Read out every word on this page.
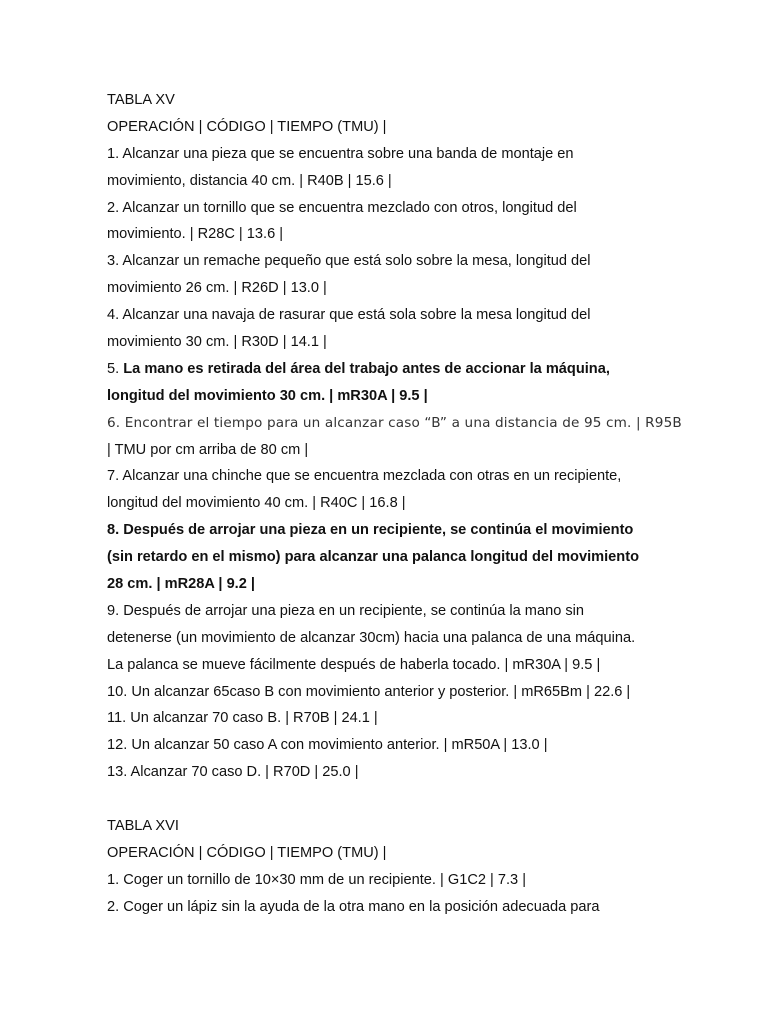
TABLA XV
OPERACIÓN | CÓDIGO | TIEMPO (TMU) |
1. Alcanzar una pieza que se encuentra sobre una banda de montaje en
movimiento, distancia 40 cm. | R40B | 15.6 |
2. Alcanzar un tornillo que se encuentra mezclado con otros, longitud del
movimiento. | R28C | 13.6 |
3. Alcanzar un remache pequeño que está solo sobre la mesa, longitud del
movimiento 26 cm. | R26D | 13.0 |
4. Alcanzar una navaja de rasurar que está sola sobre la mesa longitud del
movimiento 30 cm. | R30D | 14.1 |
5. La mano es retirada del área del trabajo antes de accionar la máquina,
longitud del movimiento 30 cm. | mR30A | 9.5 |
6. Encontrar el tiempo para un alcanzar caso “B” a una distancia de 95 cm. | R95B
| TMU por cm arriba de 80 cm |
7. Alcanzar una chinche que se encuentra mezclada con otras en un recipiente,
longitud del movimiento 40 cm. | R40C | 16.8 |
8. Después de arrojar una pieza en un recipiente, se continúa el movimiento
(sin retardo en el mismo) para alcanzar una palanca longitud del movimiento
28 cm. | mR28A | 9.2 |
9. Después de arrojar una pieza en un recipiente, se continúa la mano sin
detenerse (un movimiento de alcanzar 30cm) hacia una palanca de una máquina.
La palanca se mueve fácilmente después de haberla tocado. | mR30A | 9.5 |
10. Un alcanzar 65caso B con movimiento anterior y posterior. | mR65Bm | 22.6 |
11. Un alcanzar 70 caso B. | R70B | 24.1 |
12. Un alcanzar 50 caso A con movimiento anterior. | mR50A | 13.0 |
13. Alcanzar 70 caso D. | R70D | 25.0 |
TABLA XVI
OPERACIÓN | CÓDIGO | TIEMPO (TMU) |
1. Coger un tornillo de 10×30 mm de un recipiente. | G1C2 | 7.3 |
2. Coger un lápiz sin la ayuda de la otra mano en la posición adecuada para
